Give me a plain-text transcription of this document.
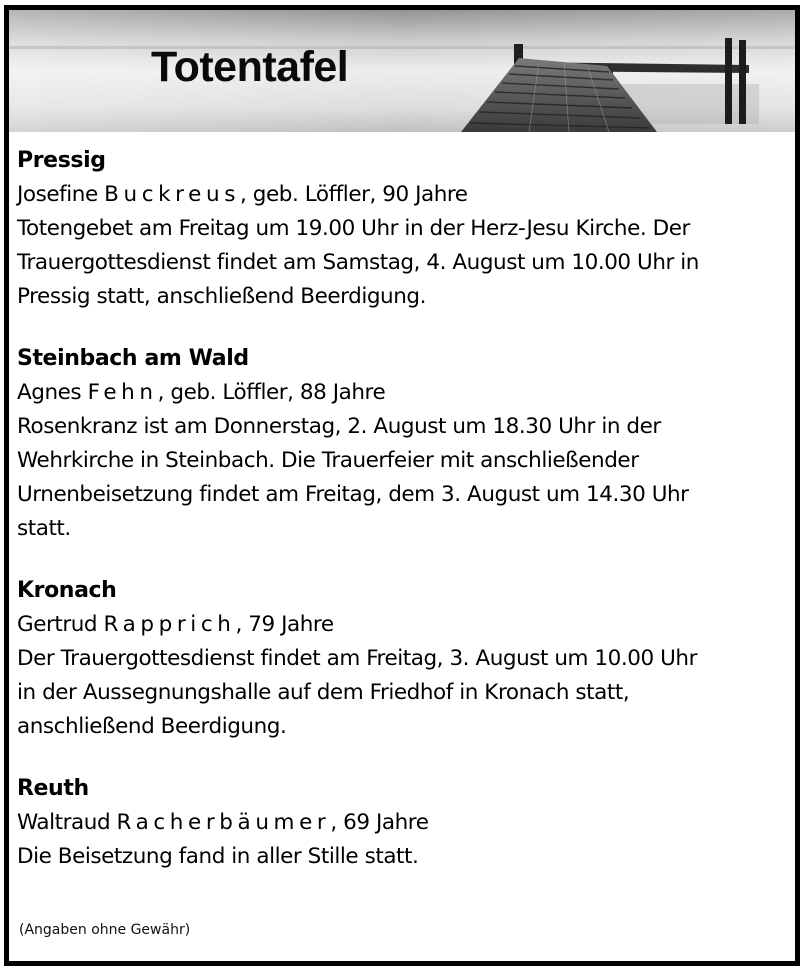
Totentafel
Pressig
Josefine Buckreus, geb. Löffler, 90 Jahre
Totengebet am Freitag um 19.00 Uhr in der Herz-Jesu Kirche. Der
Trauergottesdienst findet am Samstag, 4. August um 10.00 Uhr in
Pressig statt, anschließend Beerdigung.
Steinbach am Wald
Agnes Fehn, geb. Löffler, 88 Jahre
Rosenkranz ist am Donnerstag, 2. August um 18.30 Uhr in der
Wehrkirche in Steinbach. Die Trauerfeier mit anschließender
Urnenbeisetzung findet am Freitag, dem 3. August um 14.30 Uhr
statt.
Kronach
Gertrud Rapprich, 79 Jahre
Der Trauergottesdienst findet am Freitag, 3. August um 10.00 Uhr
in der Aussegnungshalle auf dem Friedhof in Kronach statt,
anschließend Beerdigung.
Reuth
Waltraud Racherbäumer, 69 Jahre
Die Beisetzung fand in aller Stille statt.
(Angaben ohne Gewähr)
